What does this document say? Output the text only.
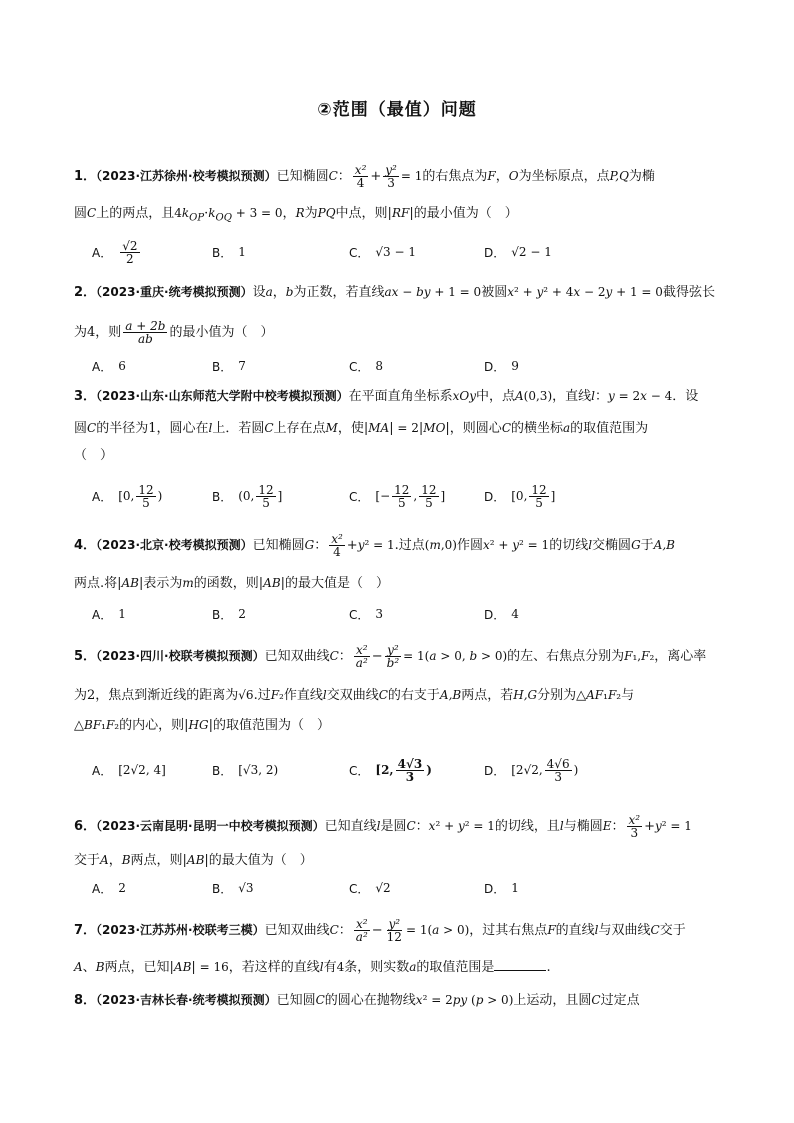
②范围（最值）问题
1．（2023·江苏徐州·校考模拟预测）已知椭圆C： $\frac{\text{x²}}{4} + \frac{\text{y²}}{3} = 1$的右焦点为F，O为坐标原点，点P,Q为椭
圆C上的两点，且$4k_{OP}\cdot k_{OQ} + 3 = 0$，R为PQ中点，则|RF|的最小值为（　）
A． $\frac{√2}{2}$	B． 1	C． √3 − 1	D． √2 − 1
2．（2023·重庆·统考模拟预测）设a，b为正数，若直线ax − by + 1 = 0被圆x² + y² + 4x − 2y + 1 = 0截得弦长
为4，则 $\frac{a + 2b}{ab}$ 的最小值为（　）
A． 6	B． 7	C． 8	D． 9
3．（2023·山东·山东师范大学附中校考模拟预测）在平面直角坐标系xOy中，点A(0,3)，直线l：y = 2x − 4．设
圆C的半径为1，圆心在l上．若圆C上存在点M，使|MA| = 2|MO|，则圆心C的横坐标a的取值范围为
（　）
A． [0, $\frac{12}{5}$ )	B． (0, $\frac{12}{5}$ ]	C． [− $\frac{12}{5}$ , $\frac{12}{5}$ ]	D． [0, $\frac{12}{5}$ ]
4．（2023·北京·校考模拟预测）已知椭圆G： $\frac{\text{x²}}{4} +y^2 = 1$.过点(m,0)作圆x² + y² = 1的切线l交椭圆G于A,B
两点.将|AB|表示为m的函数，则|AB|的最大值是（　）
A． 1	B． 2	C． 3	D． 4
5．（2023·四川·校联考模拟预测）已知双曲线C： $\frac{\text{x²}}{\text{a²}} - \frac{\text{y²}}{\text{b²}} = 1(a > 0$, b > 0)的左、右焦点分别为F₁,F₂，离心率
为2，焦点到渐近线的距离为√6.过F₂作直线l交双曲线C的右支于A,B两点，若H,G分别为△AF₁F₂与
△BF₁F₂的内心，则|HG|的取值范围为（　）
A． [2√2, 4]	B． [√3, 2)	C． [2, $\frac{4√3}{3}$ )	D． [2√2, $\frac{4√6}{3}$ )
6．（2023·云南昆明·昆明一中校考模拟预测）已知直线l是圆C：x² + y² = 1的切线，且l与椭圆E： $\frac{\text{x²}}{3} +y^2 = 1$
交于A，B两点，则|AB|的最大值为（　）
A． 2	B． √3	C． √2	D． 1
7．（2023·江苏苏州·校联考三模）已知双曲线C： $\frac{\text{x²}}{\text{a²}} - \frac{\text{y²}}{12} = 1(a > 0)$，过其右焦点F的直线l与双曲线C交于
A、B两点，已知|AB| = 16，若这样的直线l有4条，则实数a的取值范围是	.
8．（2023·吉林长春·统考模拟预测）已知圆C的圆心在抛物线x² = 2py (p > 0)上运动，且圆C过定点
